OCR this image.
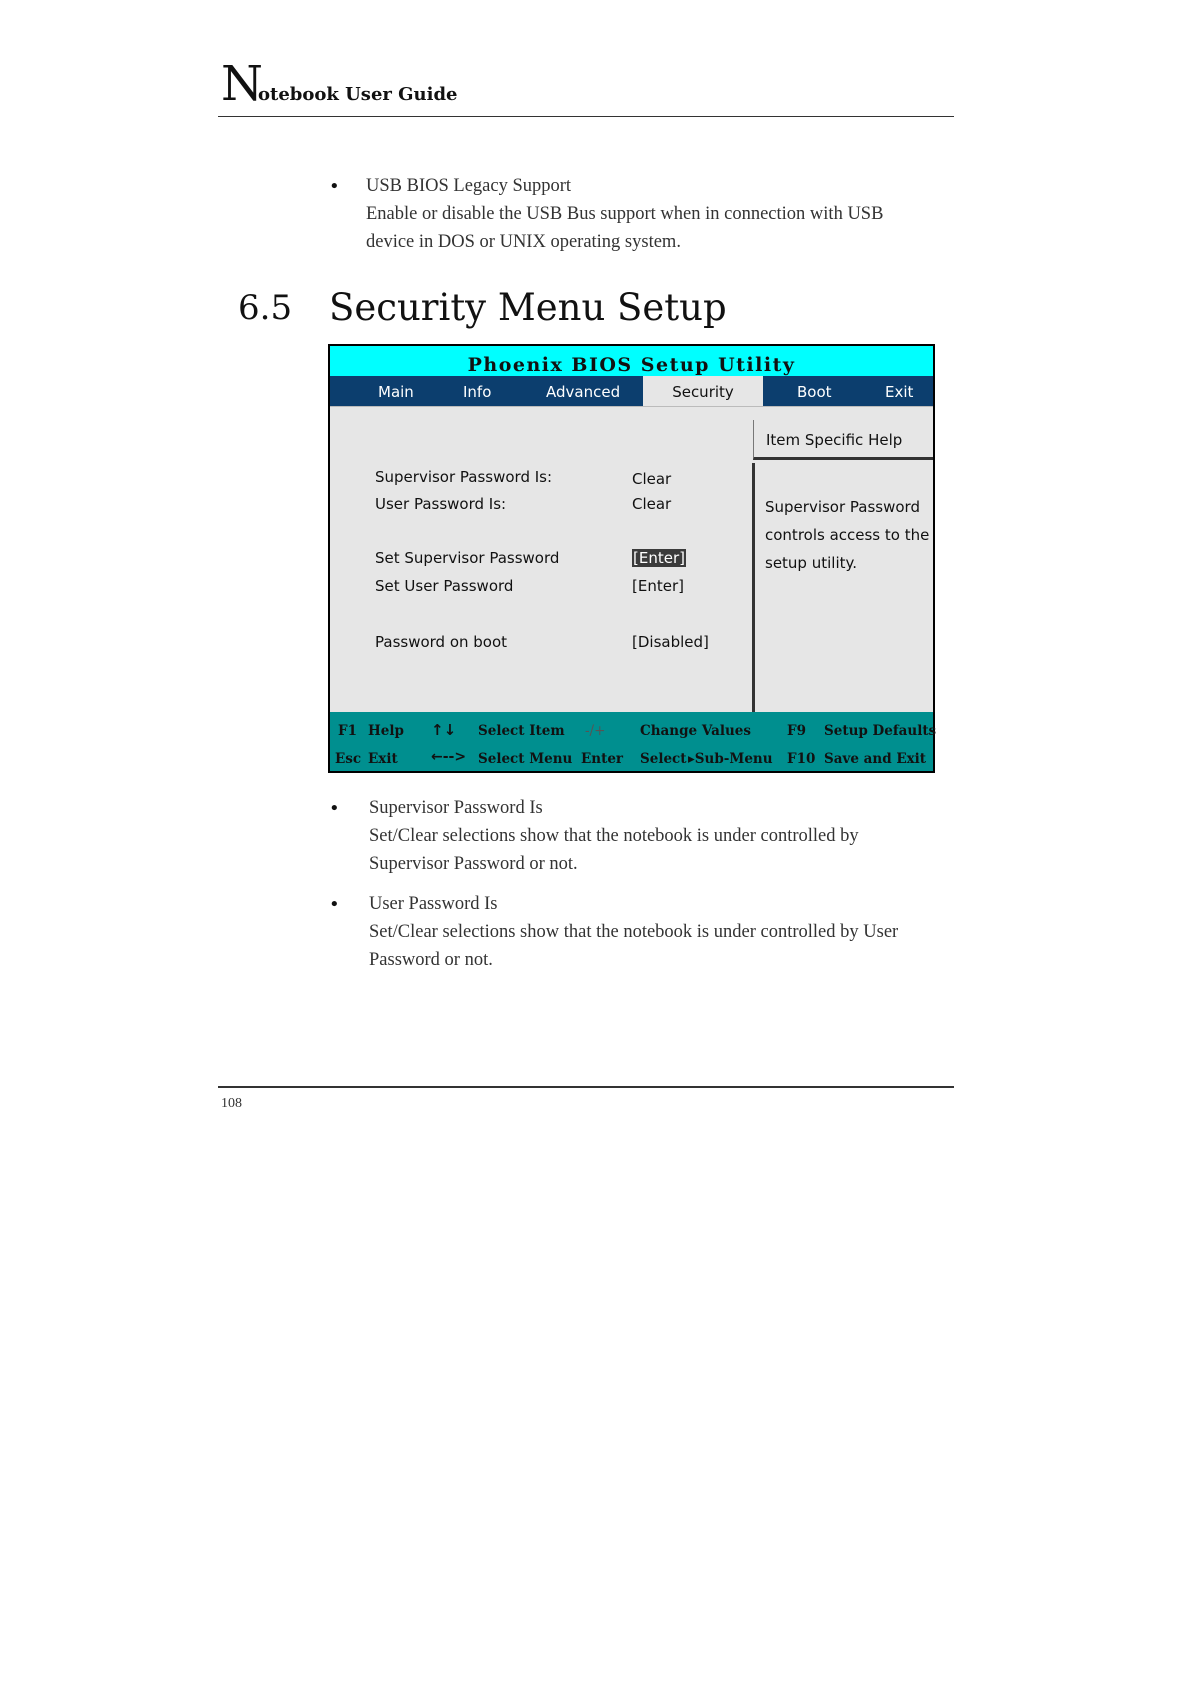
N
otebook User Guide
• USB BIOS Legacy Support
Enable or disable the USB Bus support when in connection with USB
device in DOS or UNIX operating system.
6.5 Security Menu Setup
Phoenix BIOS Setup Utility
Main	Info	Advanced	Security	Boot	Exit
Supervisor Password Is:	Clear
User Password Is:	Clear
Set Supervisor Password	[Enter]
Set User Password	[Enter]
Password on boot	[Disabled]
Item Specific Help
Supervisor Password
controls access to the
setup utility.
F1 Help ↑↓ Select Item -/+	Change Values	F9 Setup Defaults
Esc Exit ←--> Select Menu Enter Select ▸Sub-Menu F10 Save and Exit
• Supervisor Password Is
Set/Clear selections show that the notebook is under controlled by
Supervisor Password or not.
• User Password Is
Set/Clear selections show that the notebook is under controlled by User
Password or not.
108
